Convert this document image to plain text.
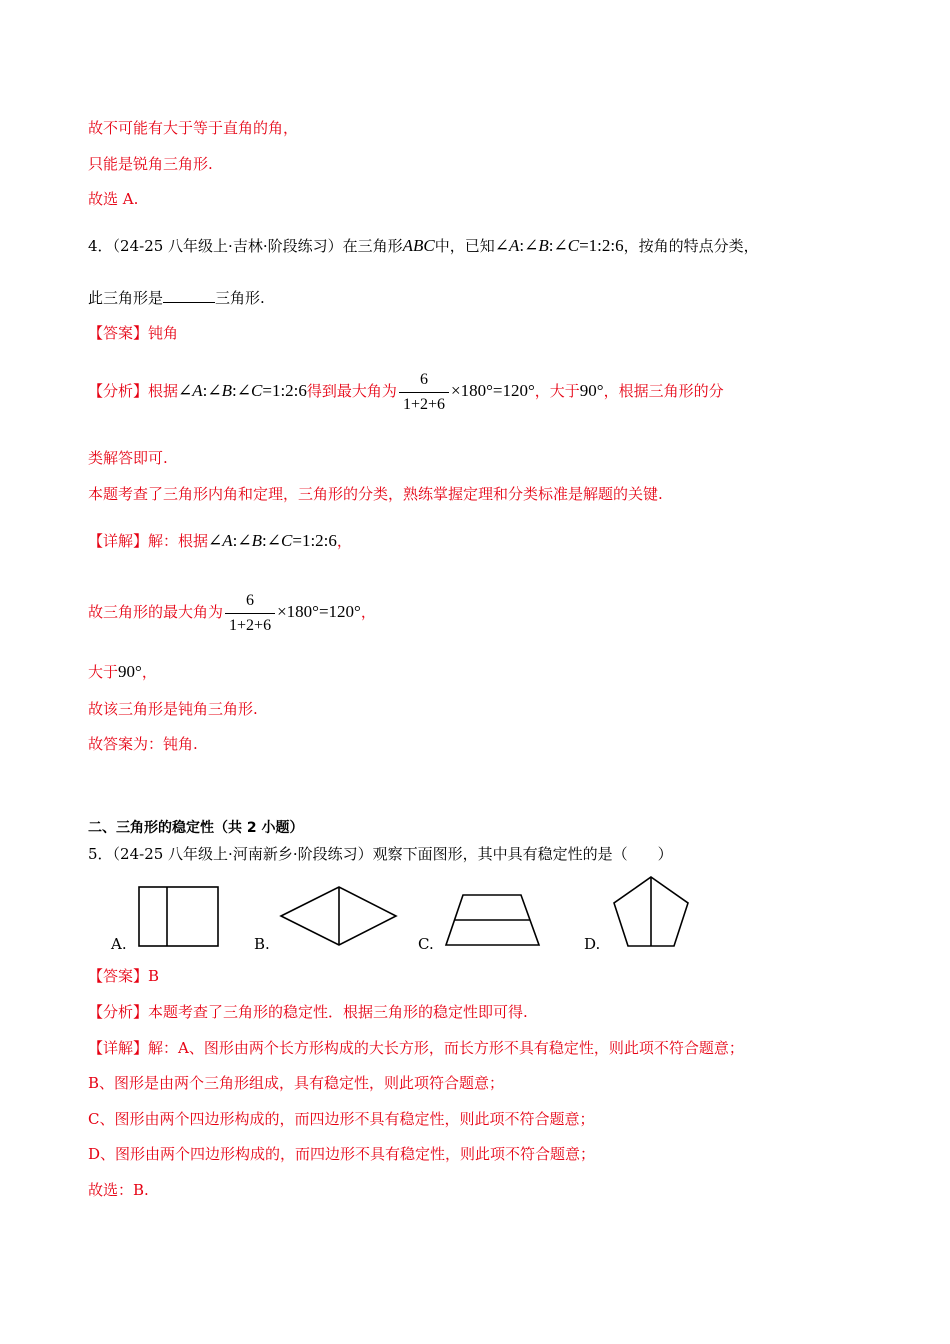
故不可能有大于等于直角的角，
只能是锐角三角形.
故选 A.
4．（24-25 八年级上·吉林·阶段练习）在三角形ABC中，已知∠A:∠B:∠C=1:2:6，按角的特点分类，
此三角形是	三角形.
【答案】钝角
【分析】根据∠A:∠B:∠C=1:2:6得到最大角为 $\frac{6}{1+2+6} \times 180^\circ=120^\circ$，大于90°，根据三角形的分
类解答即可.
本题考查了三角形内角和定理，三角形的分类，熟练掌握定理和分类标准是解题的关键.
【详解】解：根据∠A:∠B:∠C=1:2:6，
故三角形的最大角为 $\frac{6}{1+2+6} \times 180^\circ=120^\circ$，
大于90°，
故该三角形是钝角三角形.
故答案为：钝角.
二、三角形的稳定性（共 2 小题）
5．（24-25 八年级上·河南新乡·阶段练习）观察下面图形，其中具有稳定性的是（　　）
A.	B.	C.	D.
【答案】B
【分析】本题考查了三角形的稳定性．根据三角形的稳定性即可得.
【详解】解：A、图形由两个长方形构成的大长方形，而长方形不具有稳定性，则此项不符合题意；
B、图形是由两个三角形组成，具有稳定性，则此项符合题意；
C、图形由两个四边形构成的，而四边形不具有稳定性，则此项不符合题意；
D、图形由两个四边形构成的，而四边形不具有稳定性，则此项不符合题意；
故选：B.
